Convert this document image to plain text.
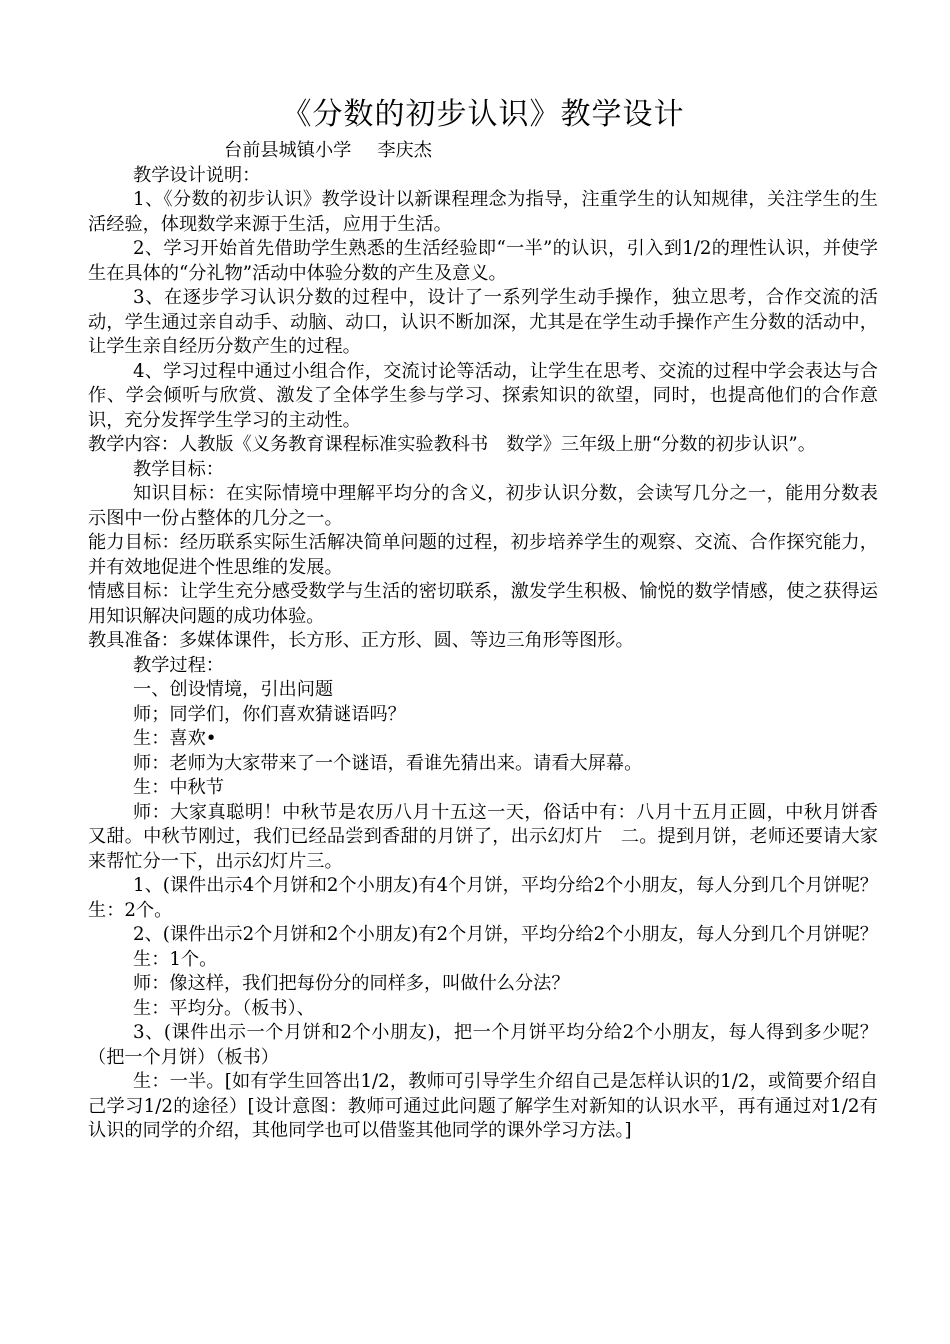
《分数的初步认识》教学设计
台前县城镇小学 李庆杰

教学设计说明：

1、《分数的初步认识》教学设计以新课程理念为指导，注重学生的认知规律，关注学生的生活经验，体现数学来源于生活，应用于生活。

2、学习开始首先借助学生熟悉的生活经验即“一半”的认识，引入到1/2的理性认识，并使学生在具体的“分礼物”活动中体验分数的产生及意义。

3、在逐步学习认识分数的过程中，设计了一系列学生动手操作，独立思考，合作交流的活动，学生通过亲自动手、动脑、动口，认识不断加深，尤其是在学生动手操作产生分数的活动中，让学生亲自经历分数产生的过程。

4、学习过程中通过小组合作，交流讨论等活动，让学生在思考、交流的过程中学会表达与合作、学会倾听与欣赏、激发了全体学生参与学习、探索知识的欲望，同时，也提高他们的合作意识，充分发挥学生学习的主动性。

教学内容：人教版《义务教育课程标准实验教科书　数学》三年级上册“分数的初步认识”。

教学目标：

知识目标：在实际情境中理解平均分的含义，初步认识分数，会读写几分之一，能用分数表示图中一份占整体的几分之一。

能力目标：经历联系实际生活解决简单问题的过程，初步培养学生的观察、交流、合作探究能力，并有效地促进个性思维的发展。

情感目标：让学生充分感受数学与生活的密切联系，激发学生积极、愉悦的数学情感，使之获得运用知识解决问题的成功体验。

教具准备：多媒体课件，长方形、正方形、圆、等边三角形等图形。

教学过程：

一、创设情境，引出问题

师；同学们，你们喜欢猜谜语吗？

生：喜欢•

师：老师为大家带来了一个谜语，看谁先猜出来。请看大屏幕。

生：中秋节

师：大家真聪明！中秋节是农历八月十五这一天，俗话中有：八月十五月正圆，中秋月饼香又甜。中秋节刚过，我们已经品尝到香甜的月饼了，出示幻灯片　二。提到月饼，老师还要请大家来帮忙分一下，出示幻灯片三。

1、(课件出示4个月饼和2个小朋友)有4个月饼，平均分给2个小朋友，每人分到几个月饼呢？

生：2个。

2、(课件出示2个月饼和2个小朋友)有2个月饼，平均分给2个小朋友，每人分到几个月饼呢？

生：1个。

师：像这样，我们把每份分的同样多，叫做什么分法？

生：平均分。（板书）、

3、(课件出示一个月饼和2个小朋友)，把一个月饼平均分给2个小朋友，每人得到多少呢？（把一个月饼）（板书）

生：一半。[如有学生回答出1/2，教师可引导学生介绍自己是怎样认识的1/2，或简要介绍自己学习1/2的途径）[设计意图：教师可通过此问题了解学生对新知的认识水平，再有通过对1/2有认识的同学的介绍，其他同学也可以借鉴其他同学的课外学习方法。]
